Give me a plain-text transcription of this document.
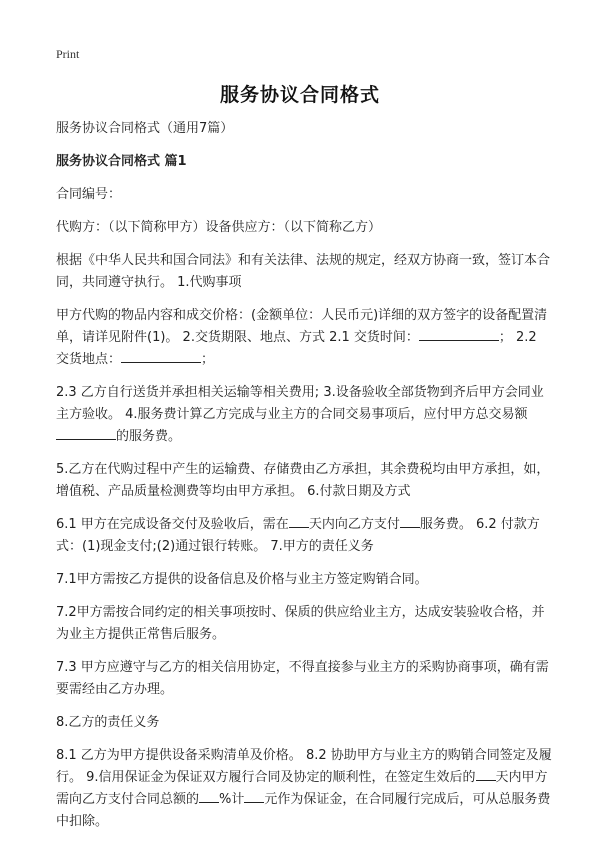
Print
服务协议合同格式

服务协议合同格式（通用7篇）

服务协议合同格式 篇1

合同编号：

代购方：（以下简称甲方）设备供应方：（以下简称乙方）

根据《中华人民共和国合同法》和有关法律、法规的规定，经双方协商一致，签订本合同，共同遵守执行。 1.代购事项

甲方代购的物品内容和成交价格：(金额单位：人民币元)详细的双方签字的设备配置清单，请详见附件(1)。 2.交货期限、地点、方式 2.1 交货时间：	； 2.2 交货地点：	；

2.3 乙方自行送货并承担相关运输等相关费用; 3.设备验收全部货物到齐后甲方会同业主方验收。 4.服务费计算乙方完成与业主方的合同交易事项后，应付甲方总交易额的服务费。

5.乙方在代购过程中产生的运输费、存储费由乙方承担，其余费税均由甲方承担，如，增值税、产品质量检测费等均由甲方承担。 6.付款日期及方式

6.1 甲方在完成设备交付及验收后，需在 天内向乙方支付 服务费。 6.2 付款方式：(1)现金支付;(2)通过银行转账。 7.甲方的责任义务

7.1甲方需按乙方提供的设备信息及价格与业主方签定购销合同。

7.2甲方需按合同约定的相关事项按时、保质的供应给业主方，达成安装验收合格，并为业主方提供正常售后服务。

7.3 甲方应遵守与乙方的相关信用协定，不得直接参与业主方的采购协商事项，确有需要需经由乙方办理。

8.乙方的责任义务

8.1 乙方为甲方提供设备采购清单及价格。 8.2 协助甲方与业主方的购销合同签定及履行。 9.信用保证金为保证双方履行合同及协定的顺利性，在签定生效后的 天内甲方需向乙方支付合同总额的 %计 元作为保证金，在合同履行完成后，可从总服务费中扣除。
